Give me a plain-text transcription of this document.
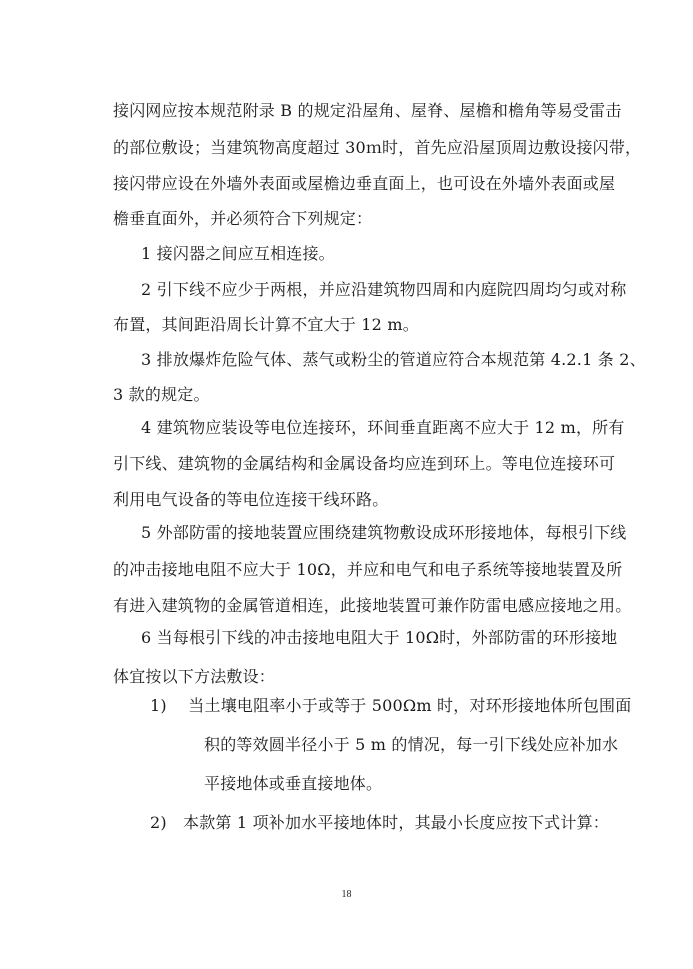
接闪网应按本规范附录 B 的规定沿屋角、屋脊、屋檐和檐角等易受雷击
的部位敷设；当建筑物高度超过 30ｍ时，首先应沿屋顶周边敷设接闪带，
接闪带应设在外墙外表面或屋檐边垂直面上，也可设在外墙外表面或屋
檐垂直面外，并必须符合下列规定：
1 接闪器之间应互相连接。
2 引下线不应少于两根，并应沿建筑物四周和内庭院四周均匀或对称
布置，其间距沿周长计算不宜大于 12 m。
3 排放爆炸危险气体、蒸气或粉尘的管道应符合本规范第 4.2.1 条 2、
3 款的规定。
4 建筑物应装设等电位连接环，环间垂直距离不应大于 12 m，所有
引下线、建筑物的金属结构和金属设备均应连到环上。等电位连接环可
利用电气设备的等电位连接干线环路。
5 外部防雷的接地装置应围绕建筑物敷设成环形接地体，每根引下线
的冲击接地电阻不应大于 10Ω，并应和电气和电子系统等接地装置及所
有进入建筑物的金属管道相连，此接地装置可兼作防雷电感应接地之用。
6 当每根引下线的冲击接地电阻大于 10Ω时，外部防雷的环形接地
体宜按以下方法敷设：
1)　 当土壤电阻率小于或等于 500Ωm 时，对环形接地体所包围面
积的等效圆半径小于 5 m 的情况，每一引下线处应补加水
平接地体或垂直接地体。
2)　本款第 1 项补加水平接地体时，其最小长度应按下式计算：
18
